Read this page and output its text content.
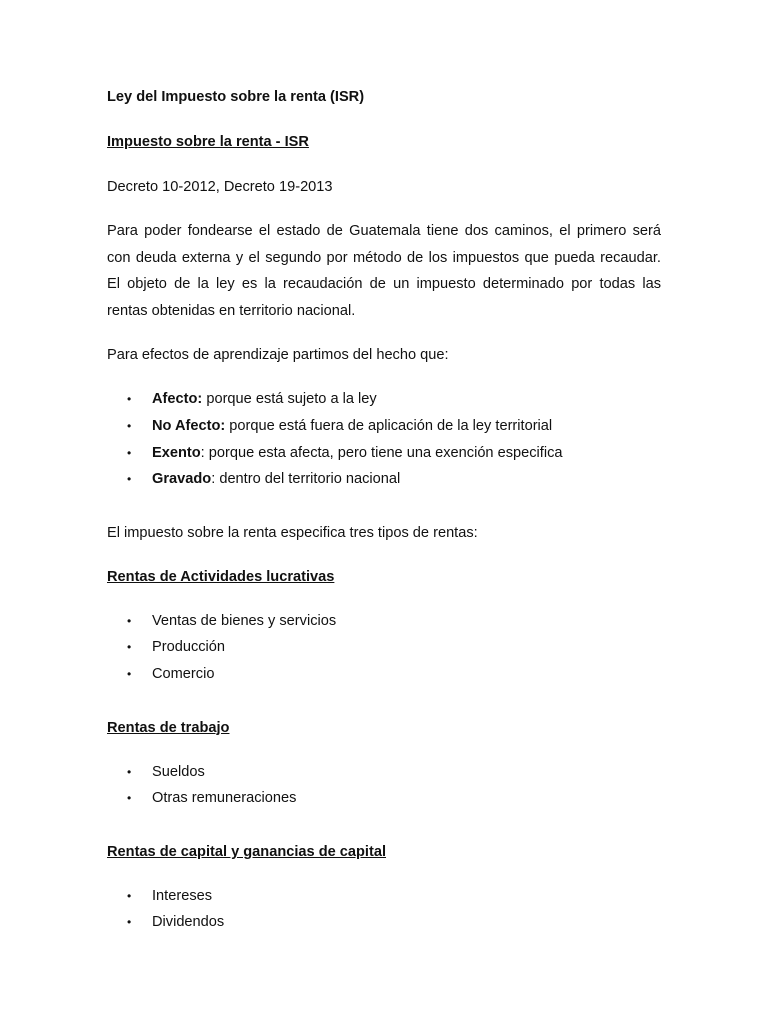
Ley del Impuesto sobre la renta (ISR)
Impuesto sobre la renta - ISR
Decreto 10-2012, Decreto 19-2013
Para poder fondearse el estado de Guatemala tiene dos caminos, el primero será con deuda externa y el segundo por método de los impuestos que pueda recaudar. El objeto de la ley es la recaudación de un impuesto determinado por todas las rentas obtenidas en territorio nacional.
Para efectos de aprendizaje partimos del hecho que:
• Afecto: porque está sujeto a la ley
• No Afecto: porque está fuera de aplicación de la ley territorial
• Exento: porque esta afecta, pero tiene una exención especifica
• Gravado: dentro del territorio nacional
El impuesto sobre la renta especifica tres tipos de rentas:
Rentas de Actividades lucrativas
• Ventas de bienes y servicios
• Producción
• Comercio
Rentas de trabajo
• Sueldos
• Otras remuneraciones
Rentas de capital y ganancias de capital
• Intereses
• Dividendos
